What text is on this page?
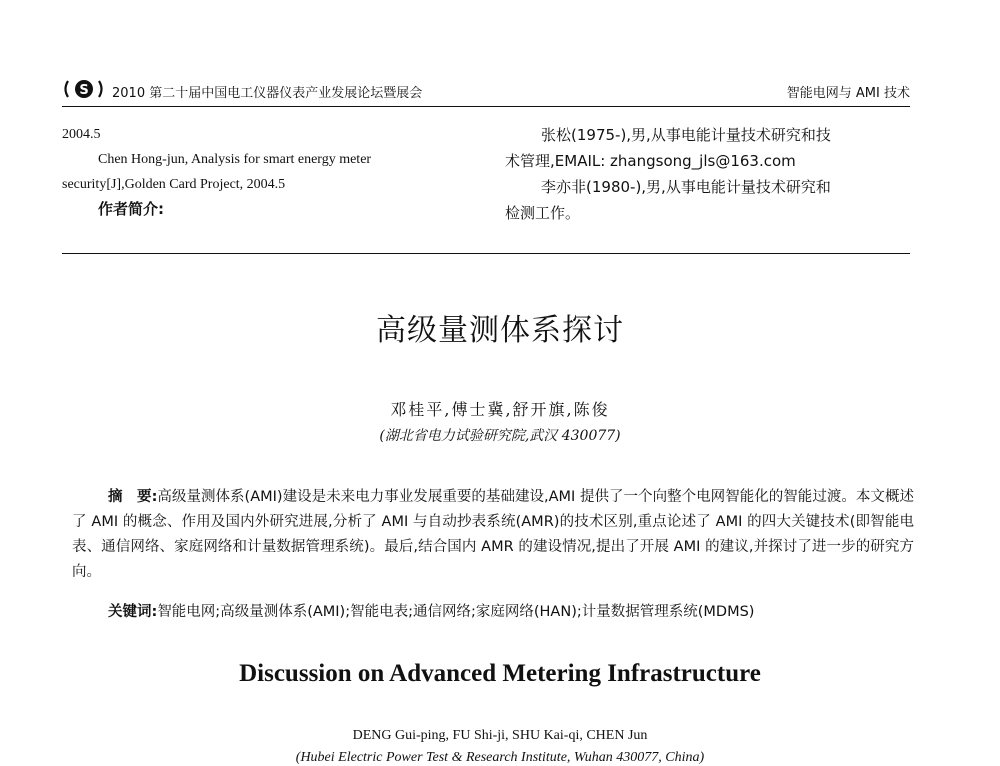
S 2010 第二十届中国电工仪器仪表产业发展论坛暨展会	智能电网与 AMI 技术

2004.5

Chen Hong-jun, Analysis for smart energy meter

security[J],Golden Card Project, 2004.5

作者简介:

张松(1975-),男,从事电能计量技术研究和技

术管理,EMAIL: zhangsong_jls@163.com

李亦非(1980-),男,从事电能计量技术研究和

检测工作。

高级量测体系探讨
邓桂平,傅士冀,舒开旗,陈俊
(湖北省电力试验研究院,武汉 430077)
摘　要:高级量测体系(AMI)建设是未来电力事业发展重要的基础建设,AMI 提供了一个向整个电网智能化的智能过渡。本文概述了 AMI 的概念、作用及国内外研究进展,分析了 AMI 与自动抄表系统(AMR)的技术区别,重点论述了 AMI 的四大关键技术(即智能电表、通信网络、家庭网络和计量数据管理系统)。最后,结合国内 AMR 的建设情况,提出了开展 AMI 的建议,并探讨了进一步的研究方向。
关键词:智能电网;高级量测体系(AMI);智能电表;通信网络;家庭网络(HAN);计量数据管理系统(MDMS)
Discussion on Advanced Metering Infrastructure
DENG Gui-ping, FU Shi-ji, SHU Kai-qi, CHEN Jun
(Hubei Electric Power Test & Research Institute, Wuhan 430077, China)
